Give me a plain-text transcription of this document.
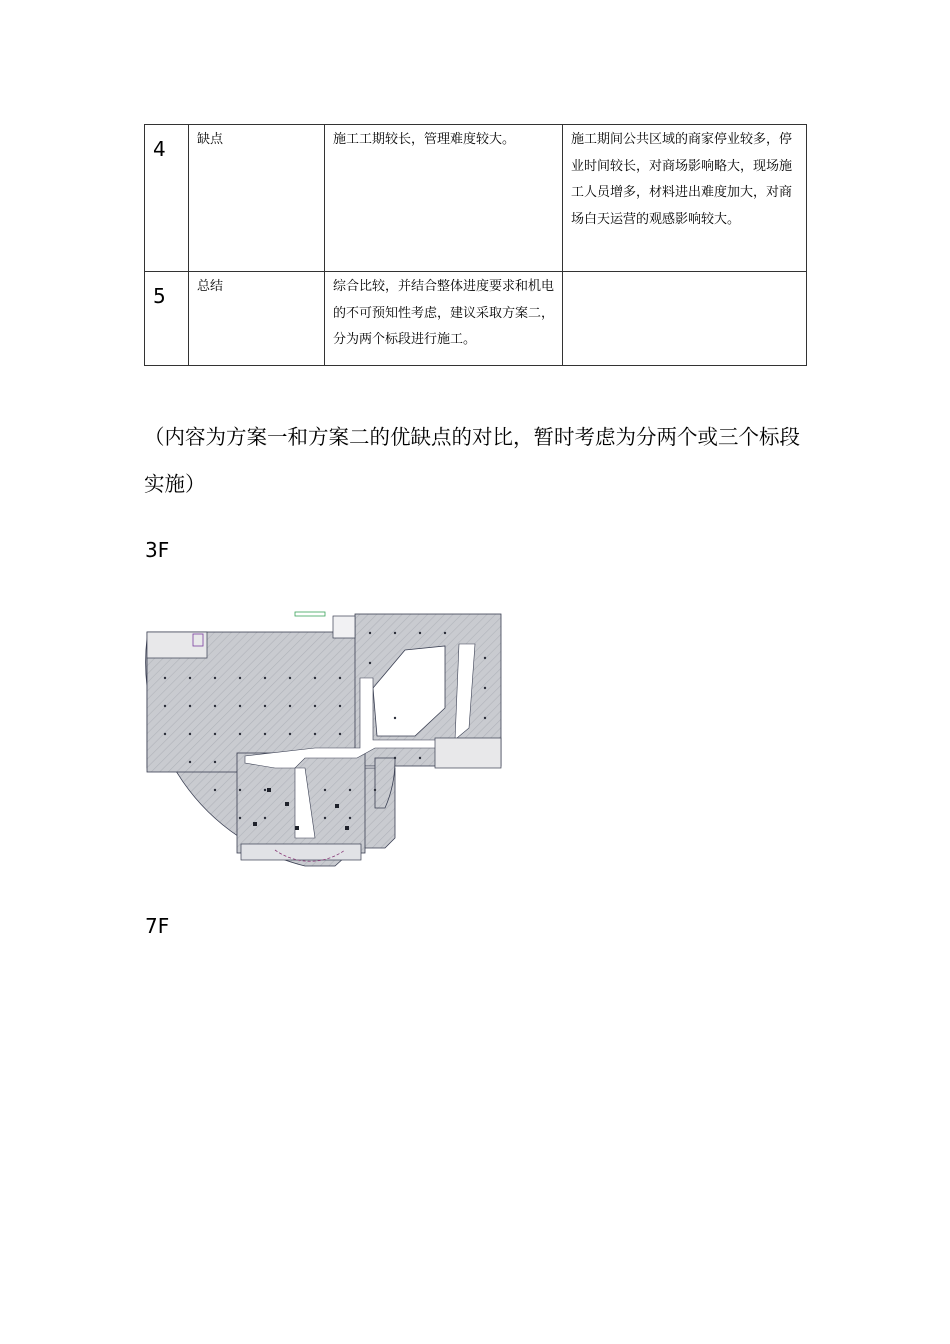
4	缺点	施工工期较长，管理难度较大。	施工期间公共区域的商家停业较多，停业时间较长，对商场影响略大，现场施工人员增多，材料进出难度加大，对商场白天运营的观感影响较大。
5	总结	综合比较，并结合整体进度要求和机电的不可预知性考虑，建议采取方案二，分为两个标段进行施工。	
（内容为方案一和方案二的优缺点的对比，暂时考虑为分两个或三个标段实施）
3F
7F
